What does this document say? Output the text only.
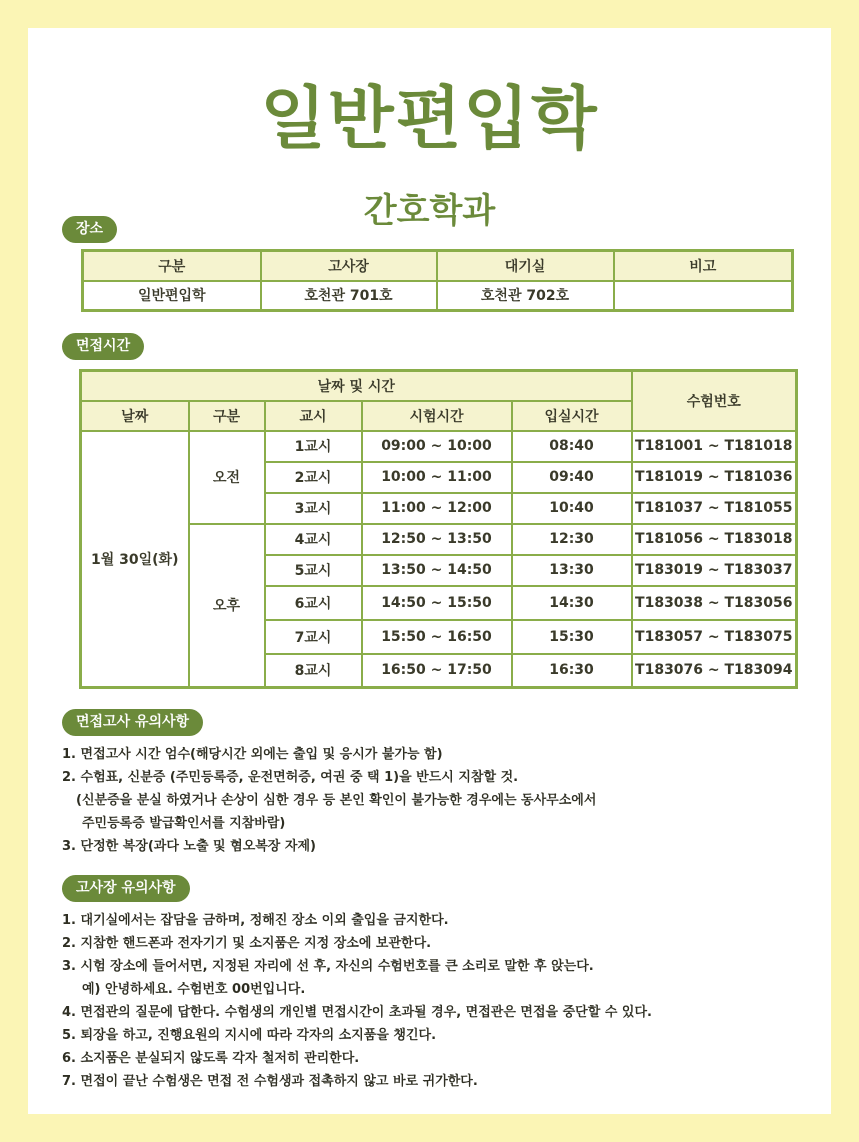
일반편입학
간호학과
장소
구분	고사장	대기실	비고
일반편입학	호천관 701호	호천관 702호	
면접시간
날짜 및 시간					수험번호
날짜	구분	교시	시험시간	입실시간	
1월 30일(화)	오전	1교시	09:00 ~ 10:00	08:40	T181001 ~ T181018
		2교시	10:00 ~ 11:00	09:40	T181019 ~ T181036
		3교시	11:00 ~ 12:00	10:40	T181037 ~ T181055
	오후	4교시	12:50 ~ 13:50	12:30	T181056 ~ T183018
		5교시	13:50 ~ 14:50	13:30	T183019 ~ T183037
		6교시	14:50 ~ 15:50	14:30	T183038 ~ T183056
		7교시	15:50 ~ 16:50	15:30	T183057 ~ T183075
		8교시	16:50 ~ 17:50	16:30	T183076 ~ T183094
면접고사 유의사항
1. 면접고사 시간 엄수(해당시간 외에는 출입 및 응시가 불가능 함)
2. 수험표, 신분증 (주민등록증, 운전면허증, 여권 중 택 1)을 반드시 지참할 것.
(신분증을 분실 하였거나 손상이 심한 경우 등 본인 확인이 불가능한 경우에는 동사무소에서
주민등록증 발급확인서를 지참바람)
3. 단정한 복장(과다 노출 및 혐오복장 자제)
고사장 유의사항
1. 대기실에서는 잡담을 금하며, 정해진 장소 이외 출입을 금지한다.
2. 지참한 핸드폰과 전자기기 및 소지품은 지정 장소에 보관한다.
3. 시험 장소에 들어서면, 지정된 자리에 선 후, 자신의 수험번호를 큰 소리로 말한 후 앉는다.
예) 안녕하세요. 수험번호 00번입니다.
4. 면접관의 질문에 답한다. 수험생의 개인별 면접시간이 초과될 경우, 면접관은 면접을 중단할 수 있다.
5. 퇴장을 하고, 진행요원의 지시에 따라 각자의 소지품을 챙긴다.
6. 소지품은 분실되지 않도록 각자 철저히 관리한다.
7. 면접이 끝난 수험생은 면접 전 수험생과 접촉하지 않고 바로 귀가한다.
